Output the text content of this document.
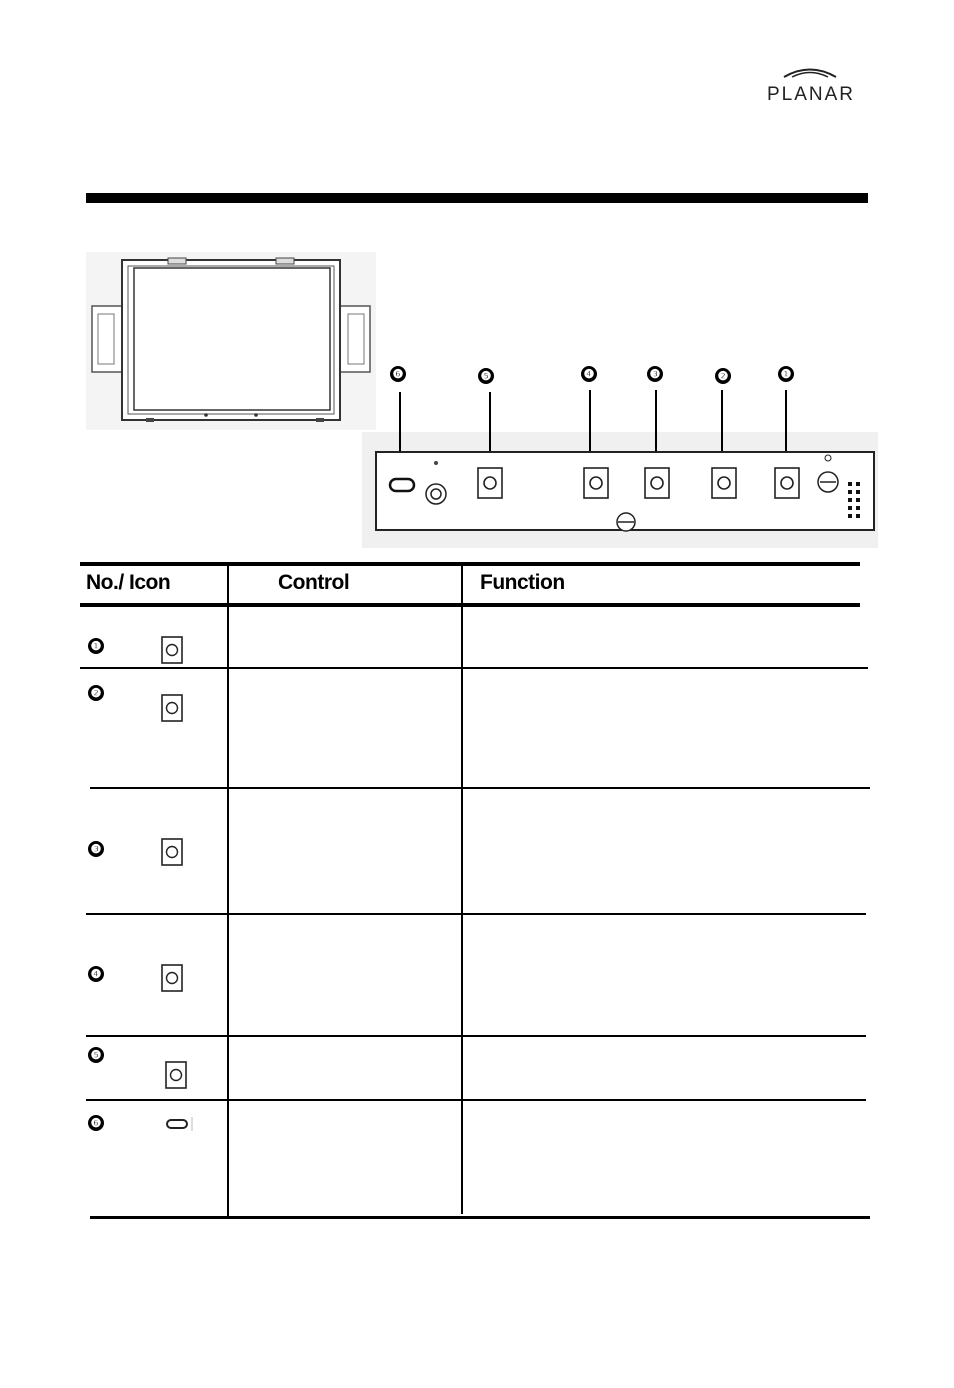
PLANAR
❻	❺	❹	❸	❷	❶
No./ Icon	Control	Function
❶
❷
❸
❹
❺
❻
